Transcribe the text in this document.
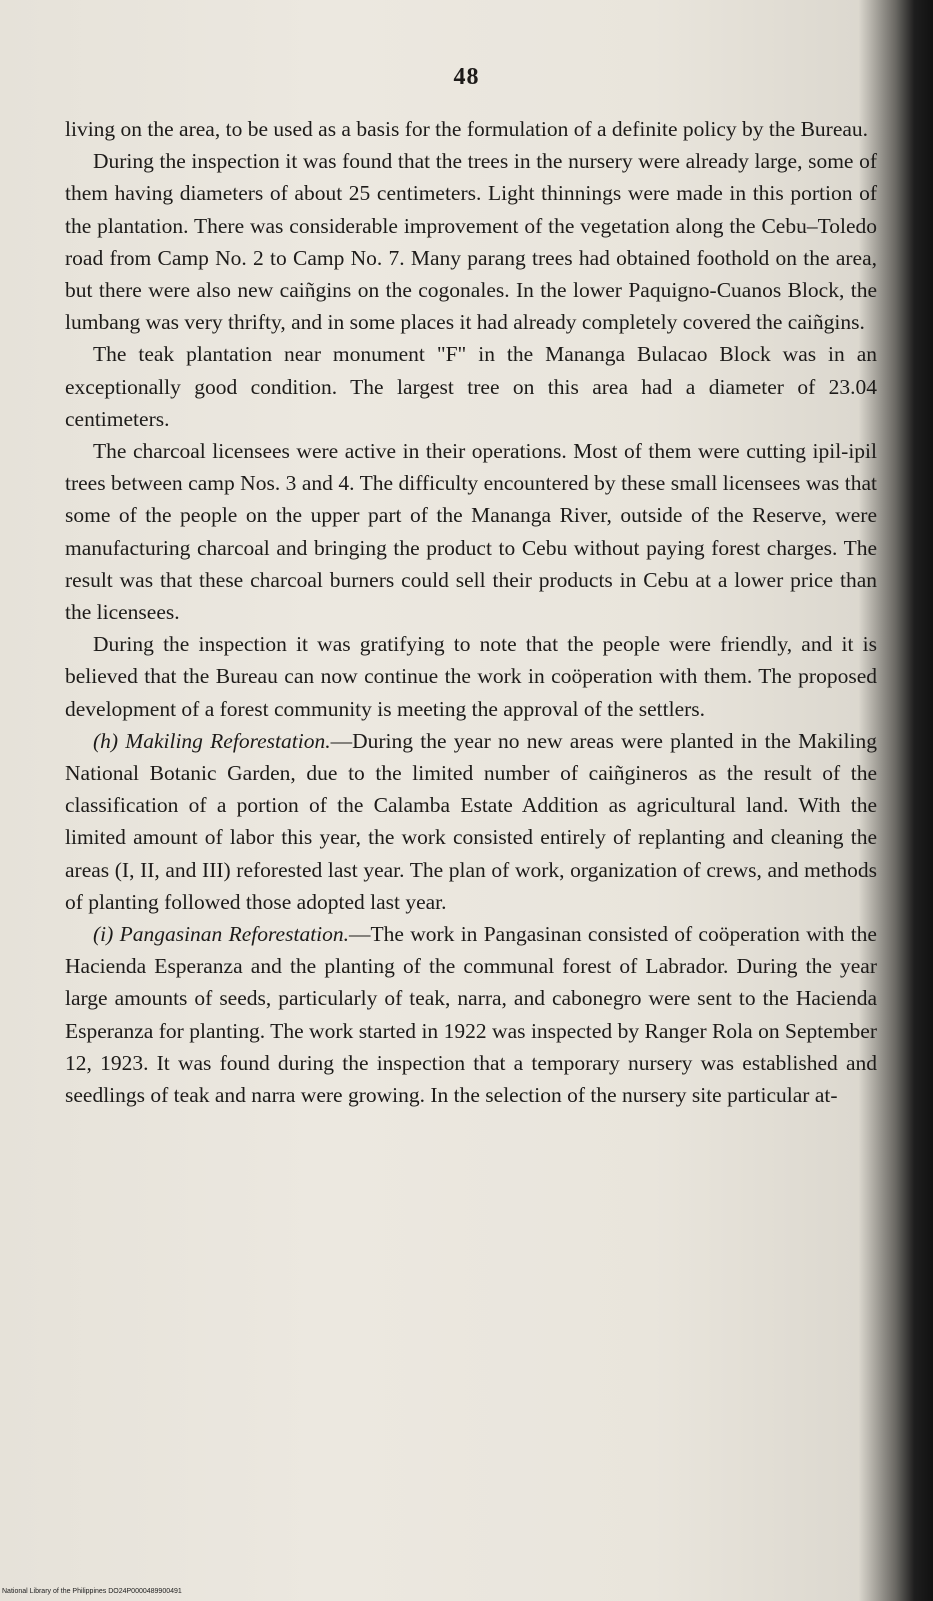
48

living on the area, to be used as a basis for the formulation of a definite policy by the Bureau.

During the inspection it was found that the trees in the nursery were already large, some of them having diameters of about 25 centimeters. Light thinnings were made in this portion of the plantation. There was considerable improvement of the vegetation along the Cebu–Toledo road from Camp No. 2 to Camp No. 7. Many parang trees had obtained foothold on the area, but there were also new caiñgins on the cogonales. In the lower Paquigno-Cuanos Block, the lumbang was very thrifty, and in some places it had already completely covered the caiñgins.

The teak plantation near monument "F" in the Mananga Bulacao Block was in an exceptionally good condition. The largest tree on this area had a diameter of 23.04 centimeters.

The charcoal licensees were active in their operations. Most of them were cutting ipil-ipil trees between camp Nos. 3 and 4. The difficulty encountered by these small licensees was that some of the people on the upper part of the Mananga River, outside of the Reserve, were manufacturing charcoal and bringing the product to Cebu without paying forest charges. The result was that these charcoal burners could sell their products in Cebu at a lower price than the licensees.

During the inspection it was gratifying to note that the people were friendly, and it is believed that the Bureau can now continue the work in coöperation with them. The proposed development of a forest community is meeting the approval of the settlers.

(h) Makiling Reforestation.—During the year no new areas were planted in the Makiling National Botanic Garden, due to the limited number of caiñgineros as the result of the classification of a portion of the Calamba Estate Addition as agricultural land. With the limited amount of labor this year, the work consisted entirely of replanting and cleaning the areas (I, II, and III) reforested last year. The plan of work, organization of crews, and methods of planting followed those adopted last year.

(i) Pangasinan Reforestation.—The work in Pangasinan consisted of coöperation with the Hacienda Esperanza and the planting of the communal forest of Labrador. During the year large amounts of seeds, particularly of teak, narra, and cabonegro were sent to the Hacienda Esperanza for planting. The work started in 1922 was inspected by Ranger Rola on September 12, 1923. It was found during the inspection that a temporary nursery was established and seedlings of teak and narra were growing. In the selection of the nursery site particular at-

National Library of the Philippines DO24P0000489900491
